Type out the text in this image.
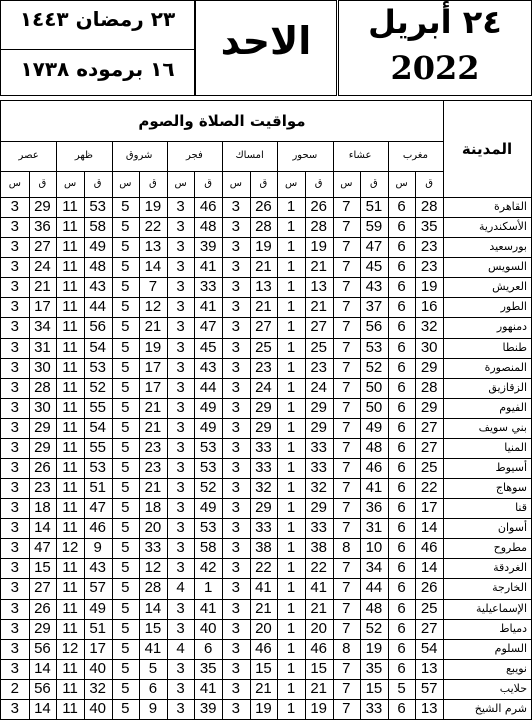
٢٣ رمضان ١٤٤٣
١٦ برموده ١٧٣٨
الاحد	٢٤ أبريل
2022
مواقيت الصلاة والصوم
المدينة
مغرب
ق
س
عشاء
ق
س
سحور
ق
س
امساك
ق
س
فجر
ق
س
شروق
ق
س
ظهر
ق
س
عصر
ق
س
القاهرة
28
6
51
7
26
1
26
3
46
3
19
5
53
11
29
3
الأسكندرية
35
6
59
7
28
1
28
3
48
3
22
5
58
11
36
3
بورسعيد
23
6
47
7
19
1
19
3
39
3
13
5
49
11
27
3
السويس
23
6
45
7
21
1
21
3
41
3
14
5
48
11
24
3
العريش
19
6
43
7
13
1
13
3
33
3
7
5
43
11
21
3
الطور
16
6
37
7
21
1
21
3
41
3
12
5
44
11
17
3
دمنهور
32
6
56
7
27
1
27
3
47
3
21
5
56
11
34
3
طنطا
30
6
53
7
25
1
25
3
45
3
19
5
54
11
31
3
المنصورة
29
6
52
7
23
1
23
3
43
3
17
5
53
11
30
3
الزقازيق
28
6
50
7
24
1
24
3
44
3
17
5
52
11
28
3
الفيوم
29
6
50
7
29
1
29
3
49
3
21
5
55
11
30
3
بني سويف
27
6
49
7
29
1
29
3
49
3
21
5
54
11
29
3
المنيا
27
6
48
7
33
1
33
3
53
3
23
5
55
11
29
3
أسيوط
25
6
46
7
33
1
33
3
53
3
23
5
53
11
26
3
سوهاج
22
6
41
7
32
1
32
3
52
3
21
5
51
11
23
3
قنا
17
6
36
7
29
1
29
3
49
3
18
5
47
11
18
3
أسوان
14
6
31
7
33
1
33
3
53
3
20
5
46
11
14
3
مطروح
46
6
10
8
38
1
38
3
58
3
33
5
9
12
47
3
الغردقة
14
6
34
7
22
1
22
3
42
3
12
5
43
11
15
3
الخارجة
26
6
44
7
41
1
41
3
1
4
28
5
57
11
27
3
الإسماعيلية
25
6
48
7
21
1
21
3
41
3
14
5
49
11
26
3
دمياط
27
6
52
7
20
1
20
3
40
3
15
5
51
11
29
3
السلوم
54
6
19
8
46
1
46
3
6
4
41
5
17
12
56
3
نويبع
13
6
35
7
15
1
15
3
35
3
5
5
40
11
14
3
حلايب
57
5
15
7
21
1
21
3
41
3
6
5
32
11
56
2
شرم الشيخ
13
6
33
7
19
1
19
3
39
3
9
5
40
11
14
3
